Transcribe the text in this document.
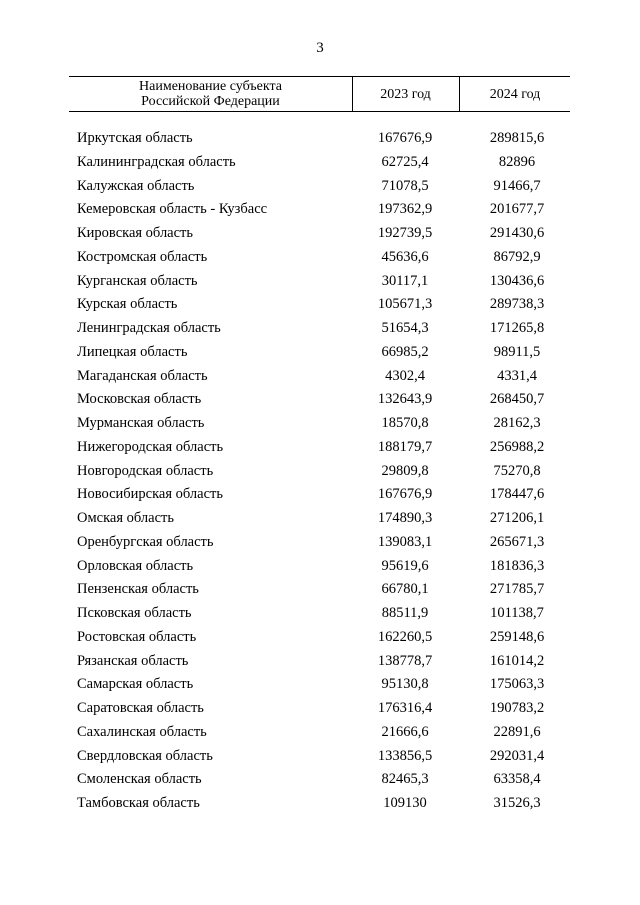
3
Наименование субъекта
Российской Федерации	2023 год	2024 год
Иркутская область	167676,9	289815,6
Калининградская область	62725,4	82896
Калужская область	71078,5	91466,7
Кемеровская область - Кузбасс	197362,9	201677,7
Кировская область	192739,5	291430,6
Костромская область	45636,6	86792,9
Курганская область	30117,1	130436,6
Курская область	105671,3	289738,3
Ленинградская область	51654,3	171265,8
Липецкая область	66985,2	98911,5
Магаданская область	4302,4	4331,4
Московская область	132643,9	268450,7
Мурманская область	18570,8	28162,3
Нижегородская область	188179,7	256988,2
Новгородская область	29809,8	75270,8
Новосибирская область	167676,9	178447,6
Омская область	174890,3	271206,1
Оренбургская область	139083,1	265671,3
Орловская область	95619,6	181836,3
Пензенская область	66780,1	271785,7
Псковская область	88511,9	101138,7
Ростовская область	162260,5	259148,6
Рязанская область	138778,7	161014,2
Самарская область	95130,8	175063,3
Саратовская область	176316,4	190783,2
Сахалинская область	21666,6	22891,6
Свердловская область	133856,5	292031,4
Смоленская область	82465,3	63358,4
Тамбовская область	109130	31526,3
